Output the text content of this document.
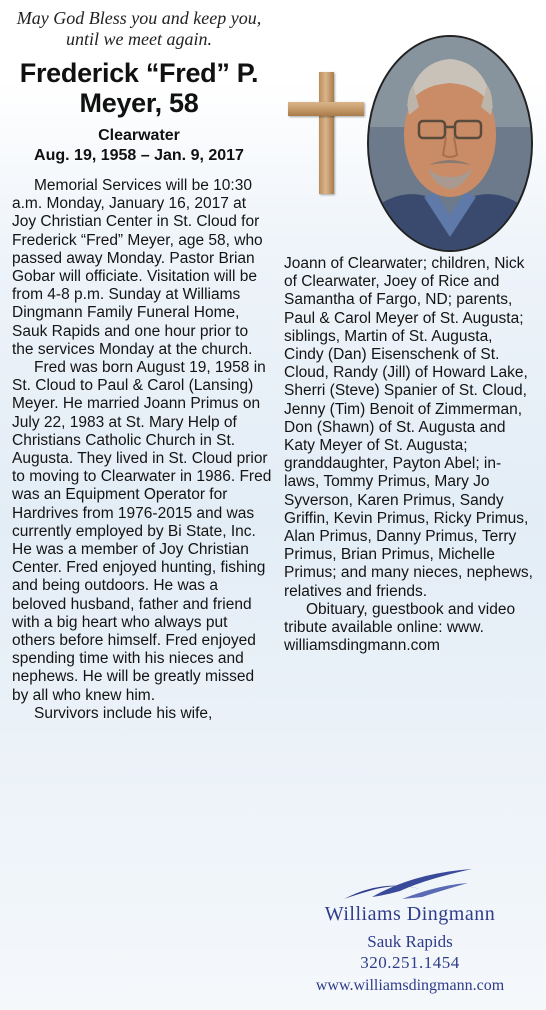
May God Bless you and keep you, until we meet again.

Frederick “Fred” P. Meyer, 58
Clearwater
Aug. 19, 1958 – Jan. 9, 2017

Memorial Services will be 10:30 a.m. Monday, January 16, 2017 at Joy Christian Center in St. Cloud for Frederick “Fred” Meyer, age 58, who passed away Monday. Pastor Brian Gobar will officiate. Visitation will be from 4-8 p.m. Sunday at Williams Dingmann Family Funeral Home, Sauk Rapids and one hour prior to the services Monday at the church.

Fred was born August 19, 1958 in St. Cloud to Paul & Carol (Lansing) Meyer. He married Joann Primus on July 22, 1983 at St. Mary Help of Christians Catholic Church in St. Augusta. They lived in St. Cloud prior to moving to Clearwater in 1986. Fred was an Equipment Operator for Hardrives from 1976-2015 and was currently employed by Bi State, Inc. He was a member of Joy Christian Center. Fred enjoyed hunting, fishing and being outdoors. He was a beloved husband, father and friend with a big heart who always put others before himself. Fred enjoyed spending time with his nieces and nephews. He will be greatly missed by all who knew him.

Survivors include his wife,

Joann of Clearwater; children, Nick of Clearwater, Joey of Rice and Samantha of Fargo, ND; parents, Paul & Carol Meyer of St. Augusta; siblings, Martin of St. Augusta, Cindy (Dan) Eisenschenk of St. Cloud, Randy (Jill) of Howard Lake, Sherri (Steve) Spanier of St. Cloud, Jenny (Tim) Benoit of Zimmerman, Don (Shawn) of St. Augusta and Katy Meyer of St. Augusta; granddaughter, Payton Abel; in-laws, Tommy Primus, Mary Jo Syverson, Karen Primus, Sandy Griffin, Kevin Primus, Ricky Primus, Alan Primus, Danny Primus, Terry Primus, Brian Primus, Michelle Primus; and many nieces, nephews, relatives and friends.

Obituary, guestbook and video tribute available online: www. williamsdingmann.com

Williams Dingmann
Sauk Rapids
320.251.1454
www.williamsdingmann.com
